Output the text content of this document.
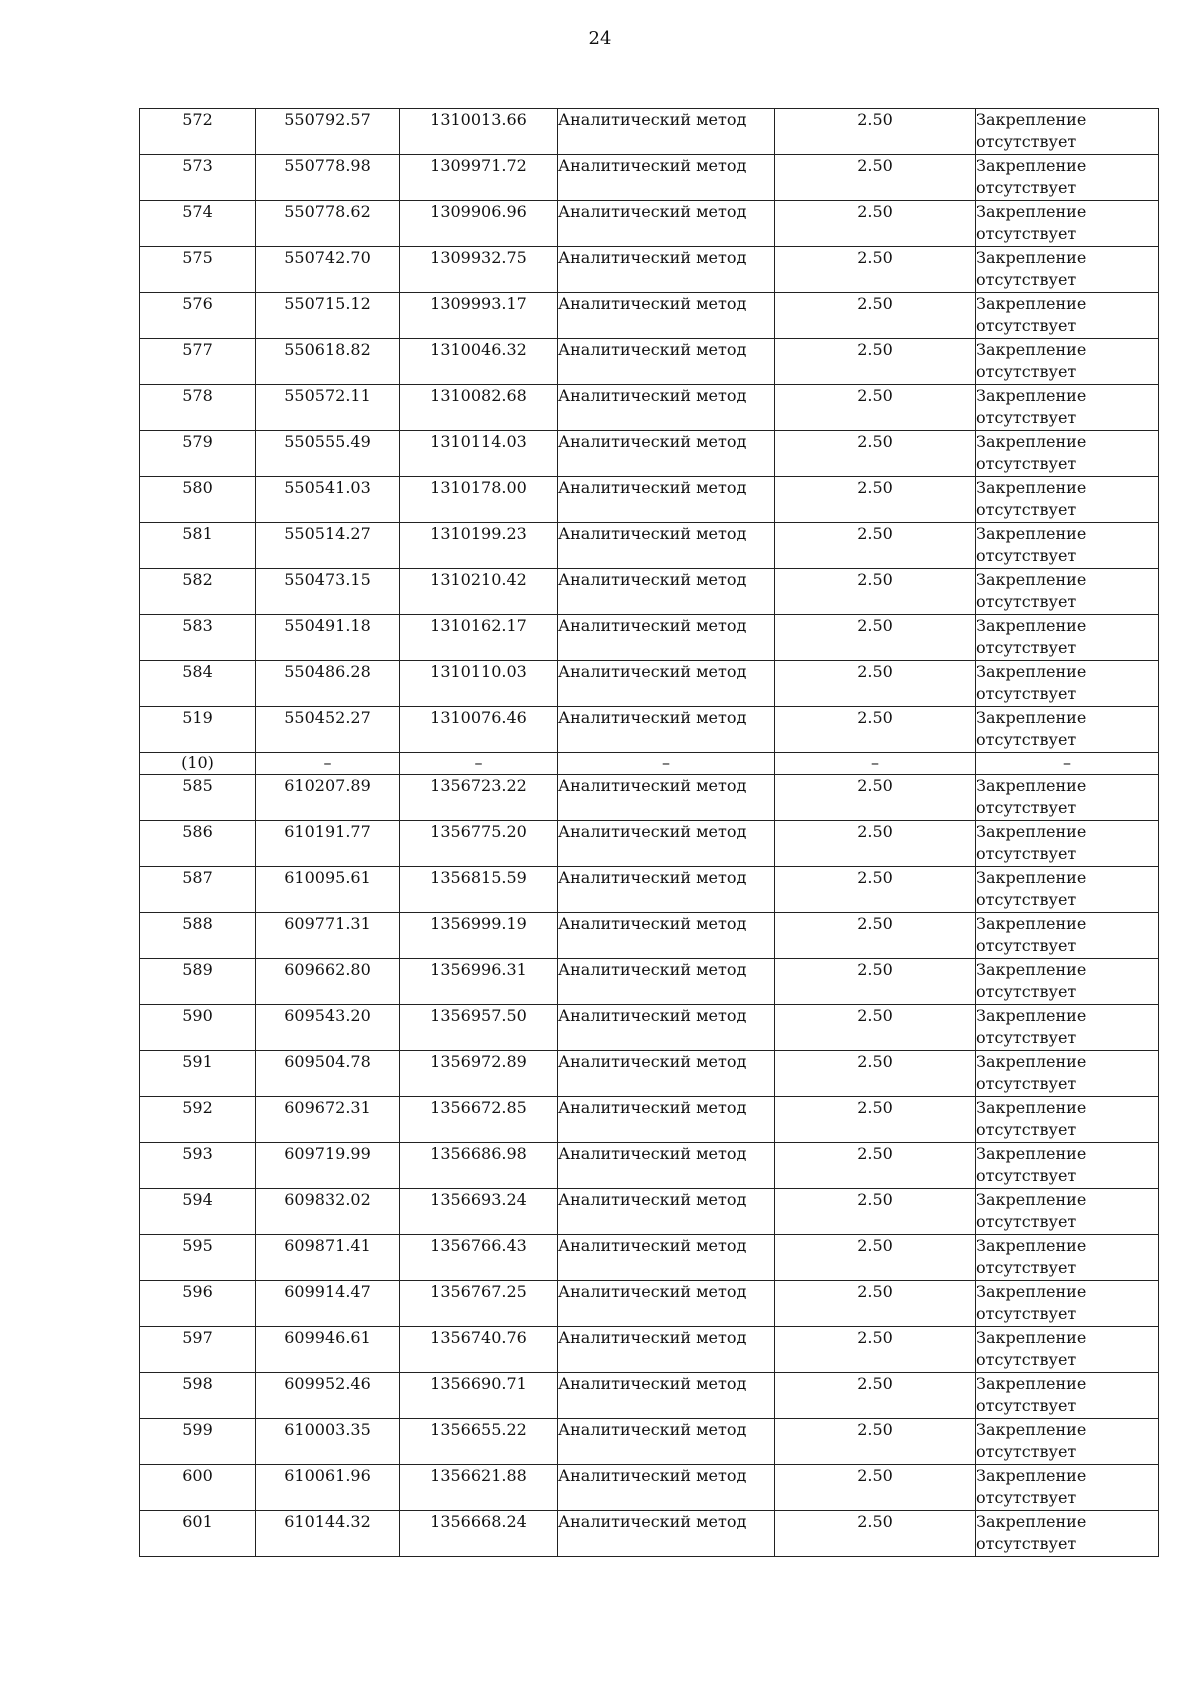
24
572	550792.57	1310013.66	Аналитический метод	2.50	Закрепление отсутствует
573	550778.98	1309971.72	Аналитический метод	2.50	Закрепление отсутствует
574	550778.62	1309906.96	Аналитический метод	2.50	Закрепление отсутствует
575	550742.70	1309932.75	Аналитический метод	2.50	Закрепление отсутствует
576	550715.12	1309993.17	Аналитический метод	2.50	Закрепление отсутствует
577	550618.82	1310046.32	Аналитический метод	2.50	Закрепление отсутствует
578	550572.11	1310082.68	Аналитический метод	2.50	Закрепление отсутствует
579	550555.49	1310114.03	Аналитический метод	2.50	Закрепление отсутствует
580	550541.03	1310178.00	Аналитический метод	2.50	Закрепление отсутствует
581	550514.27	1310199.23	Аналитический метод	2.50	Закрепление отсутствует
582	550473.15	1310210.42	Аналитический метод	2.50	Закрепление отсутствует
583	550491.18	1310162.17	Аналитический метод	2.50	Закрепление отсутствует
584	550486.28	1310110.03	Аналитический метод	2.50	Закрепление отсутствует
519	550452.27	1310076.46	Аналитический метод	2.50	Закрепление отсутствует
(10)	–	–	–	–	–
585	610207.89	1356723.22	Аналитический метод	2.50	Закрепление отсутствует
586	610191.77	1356775.20	Аналитический метод	2.50	Закрепление отсутствует
587	610095.61	1356815.59	Аналитический метод	2.50	Закрепление отсутствует
588	609771.31	1356999.19	Аналитический метод	2.50	Закрепление отсутствует
589	609662.80	1356996.31	Аналитический метод	2.50	Закрепление отсутствует
590	609543.20	1356957.50	Аналитический метод	2.50	Закрепление отсутствует
591	609504.78	1356972.89	Аналитический метод	2.50	Закрепление отсутствует
592	609672.31	1356672.85	Аналитический метод	2.50	Закрепление отсутствует
593	609719.99	1356686.98	Аналитический метод	2.50	Закрепление отсутствует
594	609832.02	1356693.24	Аналитический метод	2.50	Закрепление отсутствует
595	609871.41	1356766.43	Аналитический метод	2.50	Закрепление отсутствует
596	609914.47	1356767.25	Аналитический метод	2.50	Закрепление отсутствует
597	609946.61	1356740.76	Аналитический метод	2.50	Закрепление отсутствует
598	609952.46	1356690.71	Аналитический метод	2.50	Закрепление отсутствует
599	610003.35	1356655.22	Аналитический метод	2.50	Закрепление отсутствует
600	610061.96	1356621.88	Аналитический метод	2.50	Закрепление отсутствует
601	610144.32	1356668.24	Аналитический метод	2.50	Закрепление отсутствует
